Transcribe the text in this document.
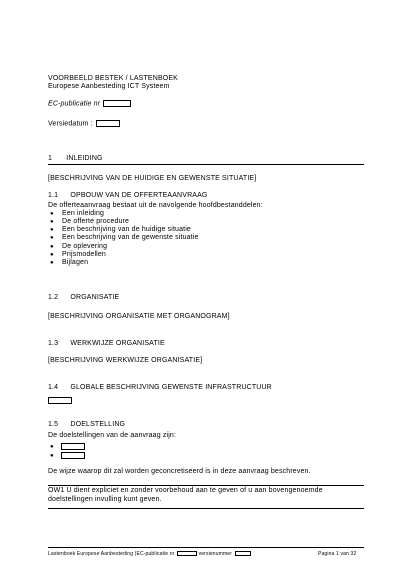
VOORBEELD BESTEK / LASTENBOEK
Europese Aanbesteding ICT Systeem
EC-publicatie nr
Versiedatum :
1 INLEIDING
[BESCHRIJVING VAN DE HUIDIGE EN GEWENSTE SITUATIE]
1.1 OPBOUW VAN DE OFFERTEAANVRAAG
De offerteaanvraag bestaat uit de navolgende hoofdbestanddelen:
● Een inleiding
● De offerte procedure
● Een beschrijving van de huidige situatie
● Een beschrijving van de gewenste situatie
● De oplevering
● Prijsmodellen
● Bijlagen
1.2 ORGANISATIE
[BESCHRIJVING ORGANISATIE MET ORGANOGRAM]
1.3 WERKWIJZE ORGANISATIE
[BESCHRIJVING WERKWIJZE ORGANISATIE]
1.4 GLOBALE BESCHRIJVING GEWENSTE INFRASTRUCTUUR
1.5 DOELSTELLING
De doelstellingen van de aanvraag zijn:
●
●
De wijze waarop dit zal worden geconcretiseerd is in deze aanvraag beschreven.
OW1 U dient expliciet en zonder voorbehoud aan te geven of u aan bovengenoemde
doelstellingen invulling kunt geven.
Lastenboek Europese Aanbesteding (EC-publicatie nr	versienummer	Pagina 1 van 32
